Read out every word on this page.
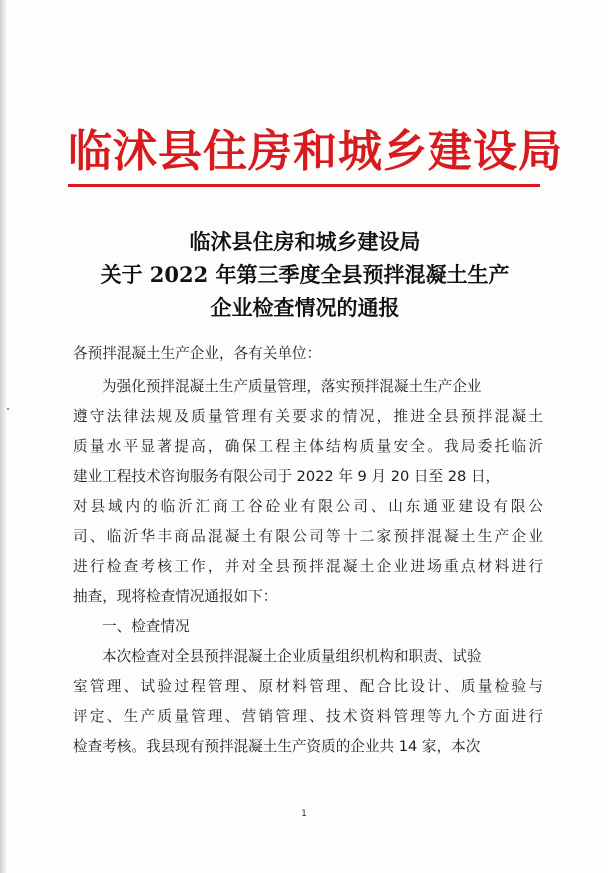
临沭县住房和城乡建设局
临沭县住房和城乡建设局
关于 2022 年第三季度全县预拌混凝土生产
企业检查情况的通报
各预拌混凝土生产企业，各有关单位：
为强化预拌混凝土生产质量管理，落实预拌混凝土生产企业
遵守法律法规及质量管理有关要求的情况，推进全县预拌混凝土
质量水平显著提高，确保工程主体结构质量安全。我局委托临沂
建业工程技术咨询服务有限公司于 2022 年 9 月 20 日至 28 日，
对县域内的临沂汇商工谷砼业有限公司、山东通亚建设有限公
司、临沂华丰商品混凝土有限公司等十二家预拌混凝土生产企业
进行检查考核工作，并对全县预拌混凝土企业进场重点材料进行
抽查，现将检查情况通报如下：
一、检查情况
本次检查对全县预拌混凝土企业质量组织机构和职责、试验
室管理、试验过程管理、原材料管理、配合比设计、质量检验与
评定、生产质量管理、营销管理、技术资料管理等九个方面进行
检查考核。我县现有预拌混凝土生产资质的企业共 14 家，本次
1
